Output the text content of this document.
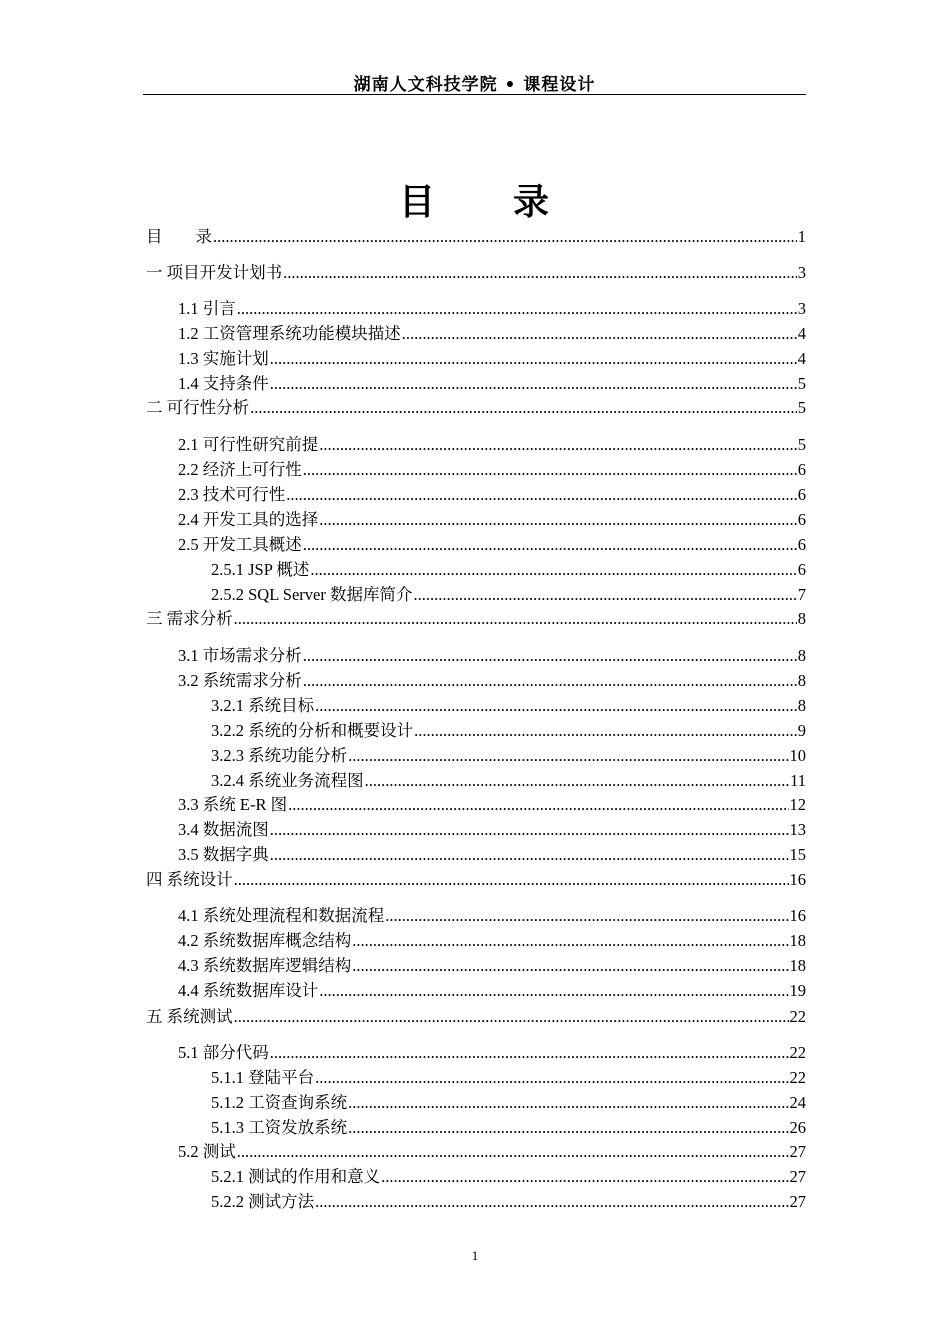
湖南人文科技学院 • 课程设计
目　　录
目　　录 .....	1
一 项目开发计划书 .....	3
1.1 引言 .....	3
1.2 工资管理系统功能模块描述 .....	4
1.3 实施计划 .....	4
1.4 支持条件 .....	5
二 可行性分析 .....	5
2.1 可行性研究前提 .....	5
2.2 经济上可行性 .....	6
2.3 技术可行性 .....	6
2.4 开发工具的选择 .....	6
2.5 开发工具概述 .....	6
2.5.1 JSP 概述 .....	6
2.5.2 SQL Server 数据库简介 .....	7
三 需求分析 .....	8
3.1 市场需求分析 .....	8
3.2 系统需求分析 .....	8
3.2.1 系统目标 .....	8
3.2.2 系统的分析和概要设计 .....	9
3.2.3 系统功能分析 .....	10
3.2.4 系统业务流程图 .....	11
3.3 系统 E-R 图 .....	12
3.4 数据流图 .....	13
3.5 数据字典 .....	15
四 系统设计 .....	16
4.1 系统处理流程和数据流程 .....	16
4.2 系统数据库概念结构 .....	18
4.3 系统数据库逻辑结构 .....	18
4.4 系统数据库设计 .....	19
五 系统测试 .....	22
5.1 部分代码 .....	22
5.1.1 登陆平台 .....	22
5.1.2 工资查询系统 .....	24
5.1.3 工资发放系统 .....	26
5.2 测试 .....	27
5.2.1 测试的作用和意义 .....	27
5.2.2 测试方法 .....	27
1
